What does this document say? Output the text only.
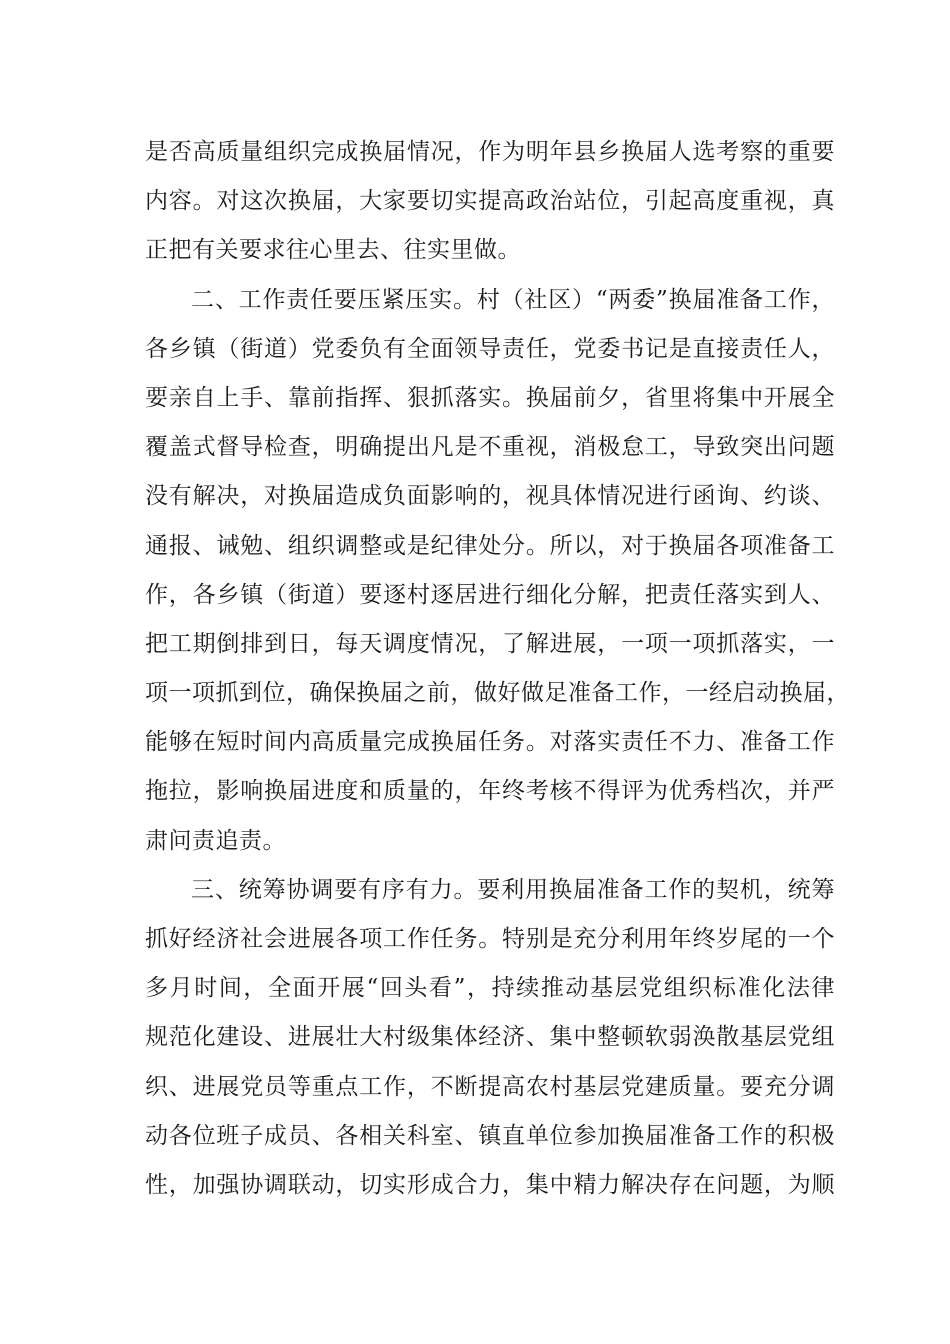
是否高质量组织完成换届情况，作为明年县乡换届人选考察的重要
内容。对这次换届，大家要切实提高政治站位，引起高度重视，真
正把有关要求往心里去、往实里做。
二、工作责任要压紧压实。村（社区）“两委”换届准备工作，
各乡镇（街道）党委负有全面领导责任，党委书记是直接责任人，
要亲自上手、靠前指挥、狠抓落实。换届前夕，省里将集中开展全
覆盖式督导检查，明确提出凡是不重视，消极怠工，导致突出问题
没有解决，对换届造成负面影响的，视具体情况进行函询、约谈、
通报、诫勉、组织调整或是纪律处分。所以，对于换届各项准备工
作，各乡镇（街道）要逐村逐居进行细化分解，把责任落实到人、
把工期倒排到日，每天调度情况，了解进展，一项一项抓落实，一
项一项抓到位，确保换届之前，做好做足准备工作，一经启动换届，
能够在短时间内高质量完成换届任务。对落实责任不力、准备工作
拖拉，影响换届进度和质量的，年终考核不得评为优秀档次，并严
肃问责追责。
三、统筹协调要有序有力。要利用换届准备工作的契机，统筹
抓好经济社会进展各项工作任务。特别是充分利用年终岁尾的一个
多月时间，全面开展“回头看”，持续推动基层党组织标准化法律
规范化建设、进展壮大村级集体经济、集中整顿软弱涣散基层党组
织、进展党员等重点工作，不断提高农村基层党建质量。要充分调
动各位班子成员、各相关科室、镇直单位参加换届准备工作的积极
性，加强协调联动，切实形成合力，集中精力解决存在问题，为顺
